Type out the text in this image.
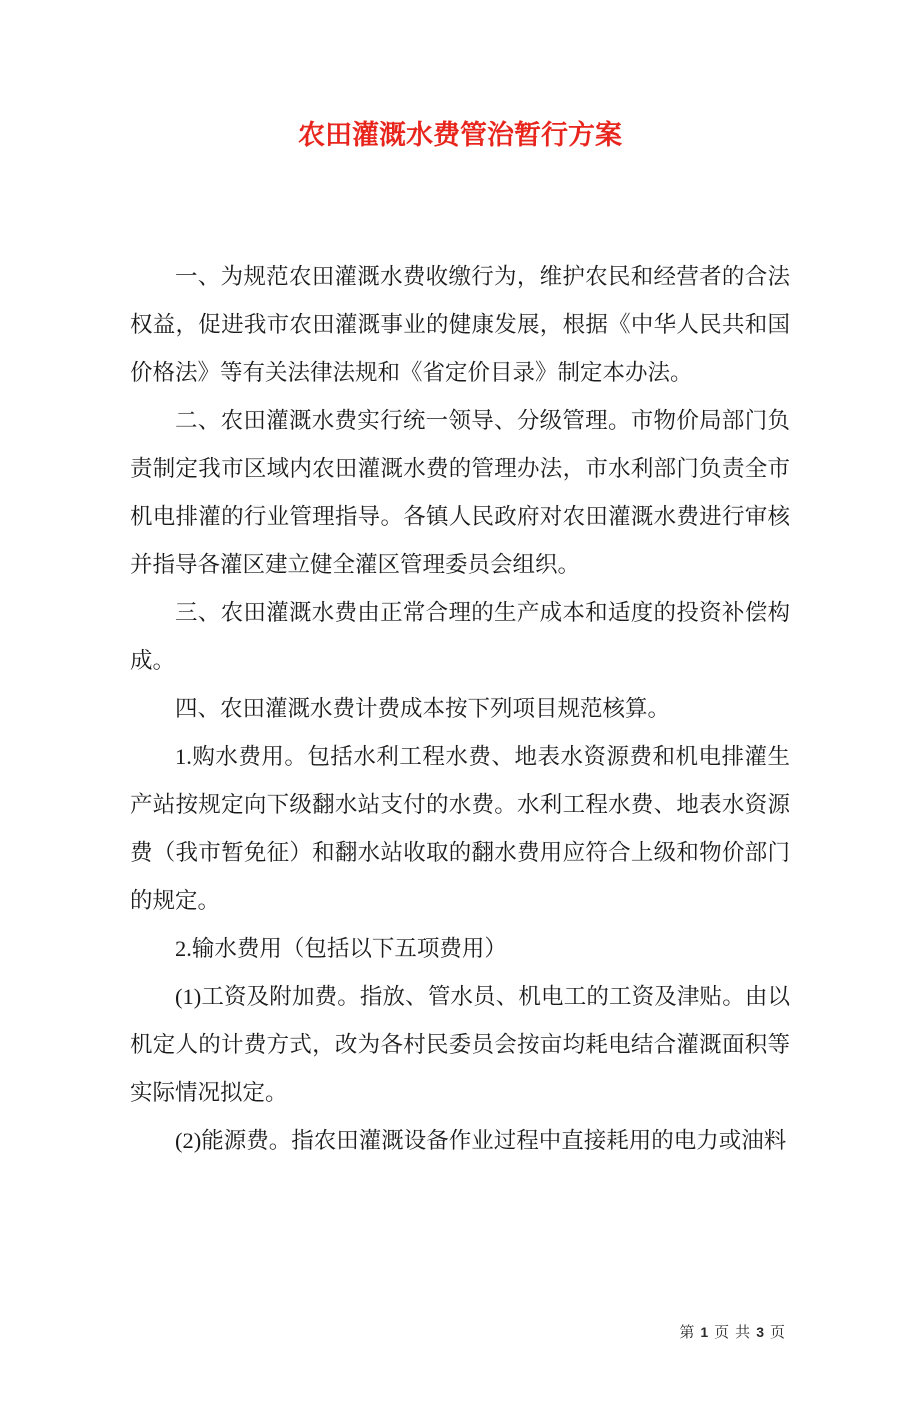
农田灌溉水费管治暂行方案

一、为规范农田灌溉水费收缴行为，维护农民和经营者的合法权益，促进我市农田灌溉事业的健康发展，根据《中华人民共和国价格法》等有关法律法规和《省定价目录》制定本办法。

二、农田灌溉水费实行统一领导、分级管理。市物价局部门负责制定我市区域内农田灌溉水费的管理办法，市水利部门负责全市机电排灌的行业管理指导。各镇人民政府对农田灌溉水费进行审核并指导各灌区建立健全灌区管理委员会组织。

三、农田灌溉水费由正常合理的生产成本和适度的投资补偿构成。

四、农田灌溉水费计费成本按下列项目规范核算。

1.购水费用。包括水利工程水费、地表水资源费和机电排灌生产站按规定向下级翻水站支付的水费。水利工程水费、地表水资源费（我市暂免征）和翻水站收取的翻水费用应符合上级和物价部门的规定。

2.输水费用（包括以下五项费用）

(1)工资及附加费。指放、管水员、机电工的工资及津贴。由以机定人的计费方式，改为各村民委员会按亩均耗电结合灌溉面积等实际情况拟定。

(2)能源费。指农田灌溉设备作业过程中直接耗用的电力或油料

第 1 页 共 3 页
